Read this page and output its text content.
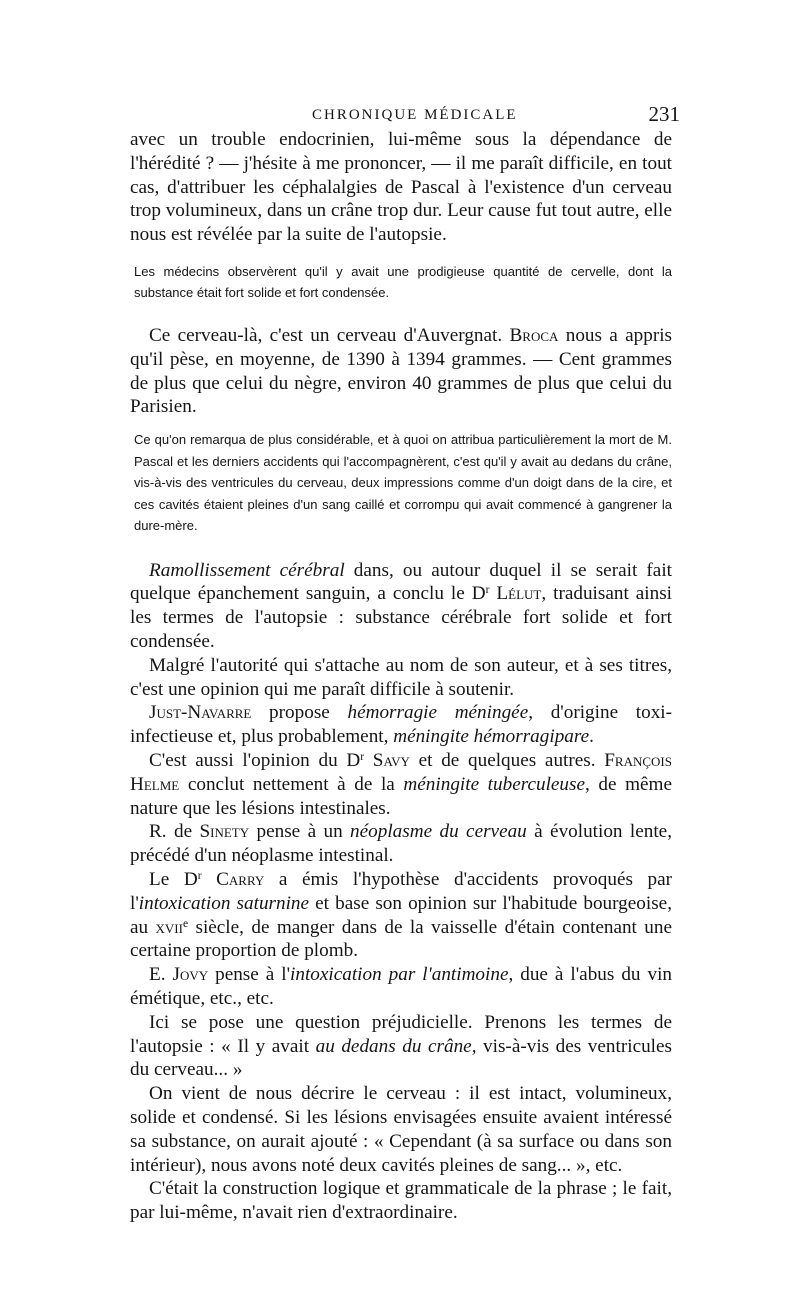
CHRONIQUE MÉDICALE	231

avec un trouble endocrinien, lui-même sous la dépendance de l'hérédité ? — j'hésite à me prononcer, — il me paraît difficile, en tout cas, d'attribuer les céphalalgies de Pascal à l'existence d'un cerveau trop volumineux, dans un crâne trop dur. Leur cause fut tout autre, elle nous est révélée par la suite de l'autopsie.

Les médecins observèrent qu'il y avait une prodigieuse quantité de cervelle, dont la substance était fort solide et fort condensée.

Ce cerveau-là, c'est un cerveau d'Auvergnat. Broca nous a appris qu'il pèse, en moyenne, de 1390 à 1394 grammes. — Cent grammes de plus que celui du nègre, environ 40 grammes de plus que celui du Parisien.

Ce qu'on remarqua de plus considérable, et à quoi on attribua particulièrement la mort de M. Pascal et les derniers accidents qui l'accompagnèrent, c'est qu'il y avait au dedans du crâne, vis-à-vis des ventricules du cerveau, deux impressions comme d'un doigt dans de la cire, et ces cavités étaient pleines d'un sang caillé et corrompu qui avait commencé à gangrener la dure-mère.

Ramollissement cérébral dans, ou autour duquel il se serait fait quelque épanchement sanguin, a conclu le $D^r$ Lélut, traduisant ainsi les termes de l'autopsie : substance cérébrale fort solide et fort condensée.

Malgré l'autorité qui s'attache au nom de son auteur, et à ses titres, c'est une opinion qui me paraît difficile à soutenir.

Just-Navarre propose hémorragie méningée, d'origine toxi-infectieuse et, plus probablement, méningite hémorragipare.

C'est aussi l'opinion du $D^r$ Savy et de quelques autres. François Helme conclut nettement à de la méningite tuberculeuse, de même nature que les lésions intestinales.

R. de Sinety pense à un néoplasme du cerveau à évolution lente, précédé d'un néoplasme intestinal.

Le $D^r$ Carry a émis l'hypothèse d'accidents provoqués par l'intoxication saturnine et base son opinion sur l'habitude bourgeoise, au xvii$^e$ siècle, de manger dans de la vaisselle d'étain contenant une certaine proportion de plomb.

E. Jovy pense à l'intoxication par l'antimoine, due à l'abus du vin émétique, etc., etc.

Ici se pose une question préjudicielle. Prenons les termes de l'autopsie : « Il y avait au dedans du crâne, vis-à-vis des ventricules du cerveau... »

On vient de nous décrire le cerveau : il est intact, volumineux, solide et condensé. Si les lésions envisagées ensuite avaient intéressé sa substance, on aurait ajouté : « Cependant (à sa surface ou dans son intérieur), nous avons noté deux cavités pleines de sang... », etc.

C'était la construction logique et grammaticale de la phrase ; le fait, par lui-même, n'avait rien d'extraordinaire.
